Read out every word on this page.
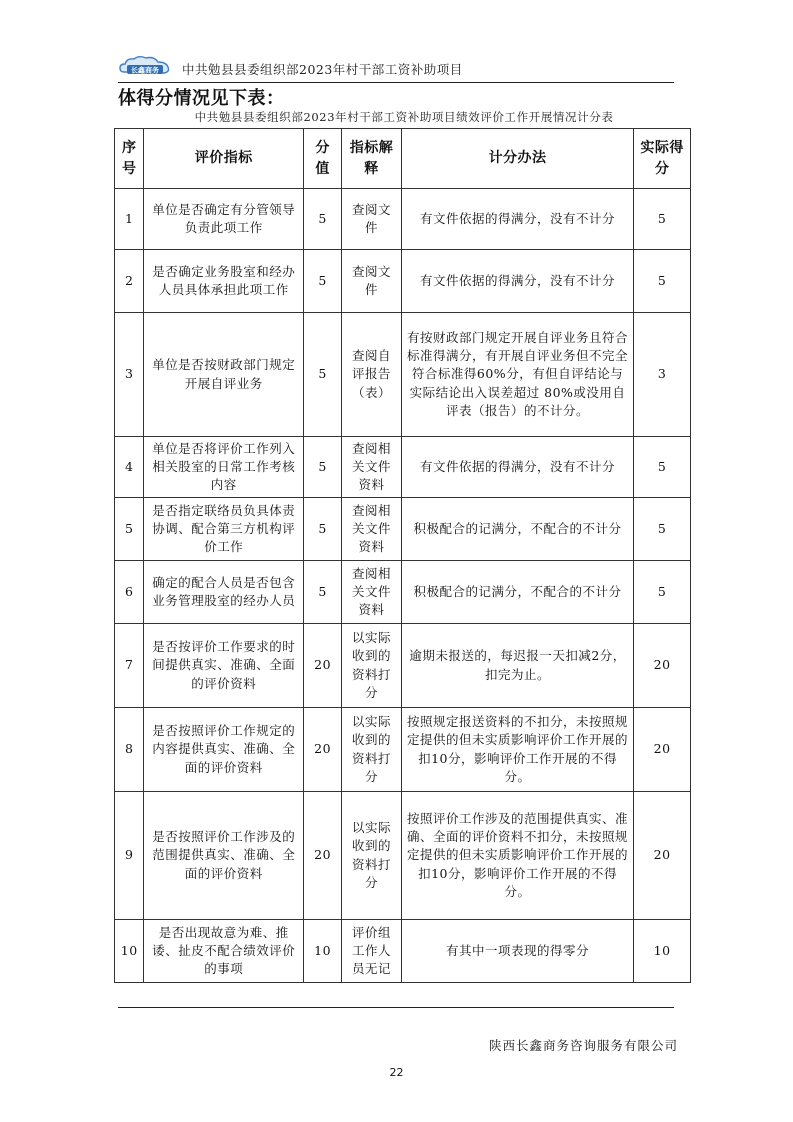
长鑫商务 中共勉县县委组织部2023年村干部工资补助项目
体得分情况见下表：
中共勉县县委组织部2023年村干部工资补助项目绩效评价工作开展情况计分表
序号	评价指标	分值	指标解释	计分办法	实际得分
1	单位是否确定有分管领导负责此项工作	5	查阅文件	有文件依据的得满分，没有不计分	5
2	是否确定业务股室和经办人员具体承担此项工作	5	查阅文件	有文件依据的得满分，没有不计分	5
3	单位是否按财政部门规定开展自评业务	5	查阅自评报告（表）	有按财政部门规定开展自评业务且符合标准得满分，有开展自评业务但不完全符合标准得60%分，有但自评结论与实际结论出入误差超过 80%或没用自 评表（报告）的不计分。	3
4	单位是否将评价工作列入相关股室的日常工作考核内容	5	查阅相关文件资料	有文件依据的得满分，没有不计分	5
5	是否指定联络员负具体责协调、配合第三方机构评价工作	5	查阅相关文件资料	积极配合的记满分，不配合的不计分	5
6	确定的配合人员是否包含业务管理股室的经办人员	5	查阅相关文件资料	积极配合的记满分，不配合的不计分	5
7	是否按评价工作要求的时间提供真实、准确、全面的评价资料	20	以实际收到的资料打分	逾期未报送的，每迟报一天扣减2分，扣完为止。	20
8	是否按照评价工作规定的内容提供真实、准确、全面的评价资料	20	以实际收到的资料打分	按照规定报送资料的不扣分，未按照规定提供的但未实质影响评价工作开展的扣10分，影响评价工作开展的不得分。	20
9	是否按照评价工作涉及的范围提供真实、准确、全面的评价资料	20	以实际收到的资料打分	按照评价工作涉及的范围提供真实、准确、全面的评价资料不扣分，未按照规定提供的但未实质影响评价工作开展的扣10分，影响评价工作开展的不得分。	20
10	是否出现故意为难、推诿、扯皮不配合绩效评价的事项	10	评价组工作人员无记	有其中一项表现的得零分	10
陕西长鑫商务咨询服务有限公司
22
